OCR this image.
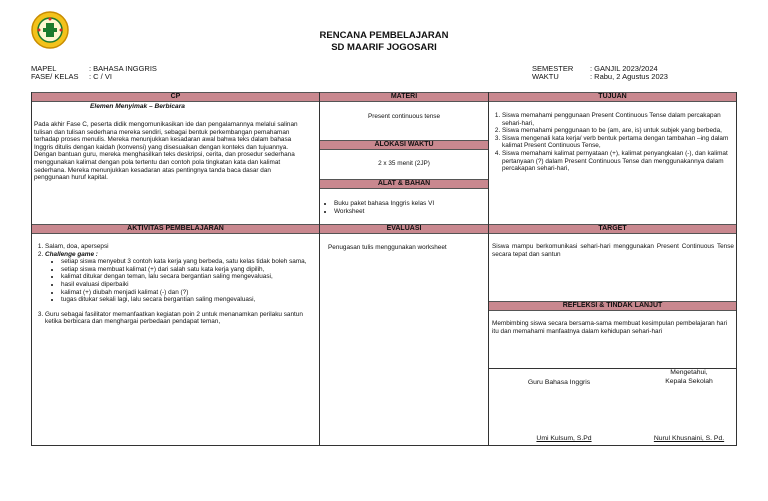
RENCANA PEMBELAJARAN
SD MAARIF JOGOSARI
MAPEL	: BAHASA INGGRIS
FASE/ KELAS : C / VI
SEMESTER : GANJIL 2023/2024
WAKTU	: Rabu, 2 Agustus 2023
CP
Elemen Menyimak – Berbicara
Pada akhir Fase C, peserta didik mengomunikasikan ide dan pengalamannya melalui salinan tulisan dan tulisan sederhana mereka sendiri, sebagai bentuk perkembangan pemahaman terhadap proses menulis. Mereka menunjukkan kesadaran awal bahwa teks dalam bahasa Inggris ditulis dengan kaidah (konvensi) yang disesuaikan dengan konteks dan tujuannya. Dengan bantuan guru, mereka menghasilkan teks deskripsi, cerita, dan prosedur sederhana menggunakan kalimat dengan pola tertentu dan contoh pola tingkatan kata dan kalimat sederhana. Mereka menunjukkan kesadaran atas pentingnya tanda baca dasar dan penggunaan huruf kapital.
AKTIVITAS PEMBELAJARAN
1. Salam, doa, apersepsi
2. Challenge game :
• setiap siswa menyebut 3 contoh kata kerja yang berbeda, satu kelas tidak boleh sama,
• setiap siswa membuat kalimat (+) dari salah satu kata kerja yang dipilih,
• kalimat ditukar dengan teman, lalu secara bergantian saling mengevaluasi,
• hasil evaluasi diperbaiki
• kalimat (+) diubah menjadi kalimat (-) dan (?)
• tugas ditukar sekali lagi, lalu secara bergantian saling mengevaluasi,
3. Guru sebagai fasilitator memanfaatkan kegiatan poin 2 untuk menanamkan perilaku santun ketika berbicara dan menghargai perbedaan pendapat teman,
MATERI
Present continuous tense
ALOKASI WAKTU
2 x 35 menit (2JP)
ALAT & BAHAN
• Buku paket bahasa Inggris kelas VI
• Worksheet
EVALUASI
Penugasan tulis menggunakan worksheet
TUJUAN
1. Siswa memahami penggunaan Present Continuous Tense dalam percakapan sehari-hari,
2. Siswa memahami penggunaan to be (am, are, is) untuk subjek yang berbeda,
3. Siswa mengenali kata kerja/ verb bentuk pertama dengan tambahan –ing dalam kalimat Present Continuous Tense,
4. Siswa memahami kalimat pernyataan (+), kalimat penyangkalan (-), dan kalimat pertanyaan (?) dalam Present Continuous Tense dan menggunakannya dalam percakapan sehari-hari,
TARGET
Siswa mampu berkomunikasi sehari-hari menggunakan Present Continuous Tense secara tepat dan santun
REFLEKSI & TINDAK LANJUT
Membimbing siswa secara bersama-sama membuat kesimpulan pembelajaran hari itu dan memahami manfaatnya dalam kehidupan sehari-hari
Guru Bahasa Inggris
Mengetahui,
Kepala Sekolah
Umi Kulsum, S.Pd	Nurul Khusnaini, S. Pd.
